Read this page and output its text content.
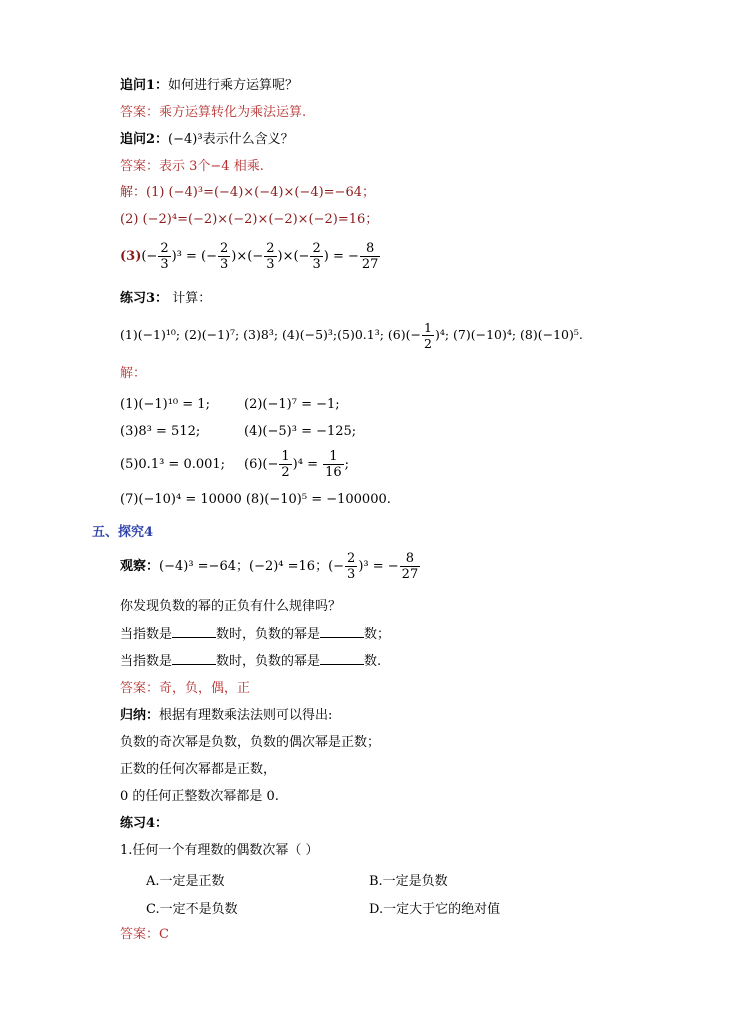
追问1：如何进行乘方运算呢？
答案：乘方运算转化为乘法运算.
追问2：(−4)³表示什么含义？
答案：表示 3个−4 相乘.
解：(1) (−4)³=(−4)×(−4)×(−4)=−64；
(2) (−2)⁴=(−2)×(−2)×(−2)×(−2)=16；
$(3)(- \frac{2}{3} )^3$ = (− $\frac{2}{3}$ )×(− $\frac{2}{3}$ )×(− $\frac{2}{3}$ ) = − $\frac{8}{27}$
练习3： 计算：
(1)(−1)¹⁰; (2)(−1)⁷; (3)8³; (4)(−5)³;(5)0.1³; $(6)(- \frac{1}{2} )^4$; (7)(−10)⁴; (8)(−10)⁵.
解：
(1)(−1)¹⁰ = 1;	(2)(−1)⁷ = −1;
(3)8³ = 512;	(4)(−5)³ = −125;
(5)0.1³ = 0.001; $(6)(- \frac{1}{2} )^4 = \frac{1}{16}$ ;
(7)(−10)⁴ = 10000 (8)(−10)⁵ = −100000.
五、探究4
观察：(−4)³ =−64；(−2)⁴ =16；(− $\frac{2}{3} )^3$ = − $\frac{8}{27}$
你发现负数的幂的正负有什么规律吗？
当指数是	数时，负数的幂是	数；
当指数是	数时，负数的幂是	数.
答案：奇，负，偶，正
归纳：根据有理数乘法法则可以得出:
负数的奇次幂是负数，负数的偶次幂是正数；
正数的任何次幂都是正数，
0 的任何正整数次幂都是 0.
练习4：
1.任何一个有理数的偶数次幂（ ）
A.一定是正数	B.一定是负数
C.一定不是负数	D.一定大于它的绝对值
答案：C
